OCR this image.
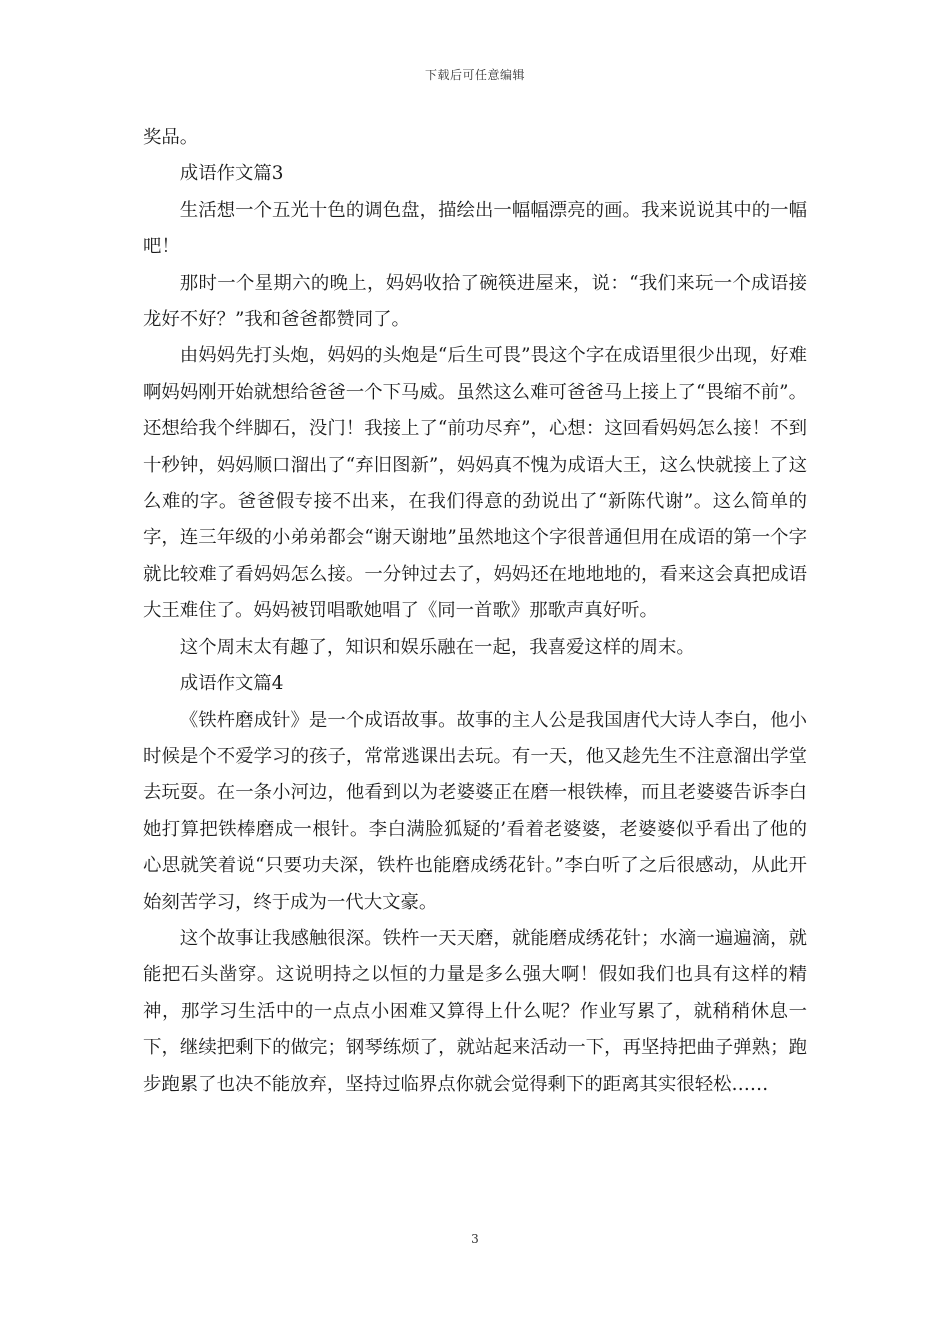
下载后可任意编辑

奖品。

成语作文篇3

生活想一个五光十色的调色盘，描绘出一幅幅漂亮的画。我来说说其中的一幅吧！

那时一个星期六的晚上，妈妈收拾了碗筷进屋来，说：“我们来玩一个成语接龙好不好？”我和爸爸都赞同了。

由妈妈先打头炮，妈妈的头炮是“后生可畏”畏这个字在成语里很少出现，好难啊妈妈刚开始就想给爸爸一个下马威。虽然这么难可爸爸马上接上了“畏缩不前”。还想给我个绊脚石，没门！我接上了“前功尽弃”，心想：这回看妈妈怎么接！不到十秒钟，妈妈顺口溜出了“弃旧图新”，妈妈真不愧为成语大王，这么快就接上了这么难的字。爸爸假专接不出来，在我们得意的劲说出了“新陈代谢”。这么简单的字，连三年级的小弟弟都会“谢天谢地”虽然地这个字很普通但用在成语的第一个字就比较难了看妈妈怎么接。一分钟过去了，妈妈还在地地地的，看来这会真把成语大王难住了。妈妈被罚唱歌她唱了《同一首歌》那歌声真好听。

这个周末太有趣了，知识和娱乐融在一起，我喜爱这样的周末。

成语作文篇4

《铁杵磨成针》是一个成语故事。故事的主人公是我国唐代大诗人李白，他小时候是个不爱学习的孩子，常常逃课出去玩。有一天，他又趁先生不注意溜出学堂去玩耍。在一条小河边，他看到以为老婆婆正在磨一根铁棒，而且老婆婆告诉李白她打算把铁棒磨成一根针。李白满脸狐疑的’看着老婆婆，老婆婆似乎看出了他的心思就笑着说“只要功夫深，铁杵也能磨成绣花针。”李白听了之后很感动，从此开始刻苦学习，终于成为一代大文豪。

这个故事让我感触很深。铁杵一天天磨，就能磨成绣花针；水滴一遍遍滴，就能把石头凿穿。这说明持之以恒的力量是多么强大啊！假如我们也具有这样的精神，那学习生活中的一点点小困难又算得上什么呢？作业写累了，就稍稍休息一下，继续把剩下的做完；钢琴练烦了，就站起来活动一下，再坚持把曲子弹熟；跑步跑累了也决不能放弃，坚持过临界点你就会觉得剩下的距离其实很轻松……

3
